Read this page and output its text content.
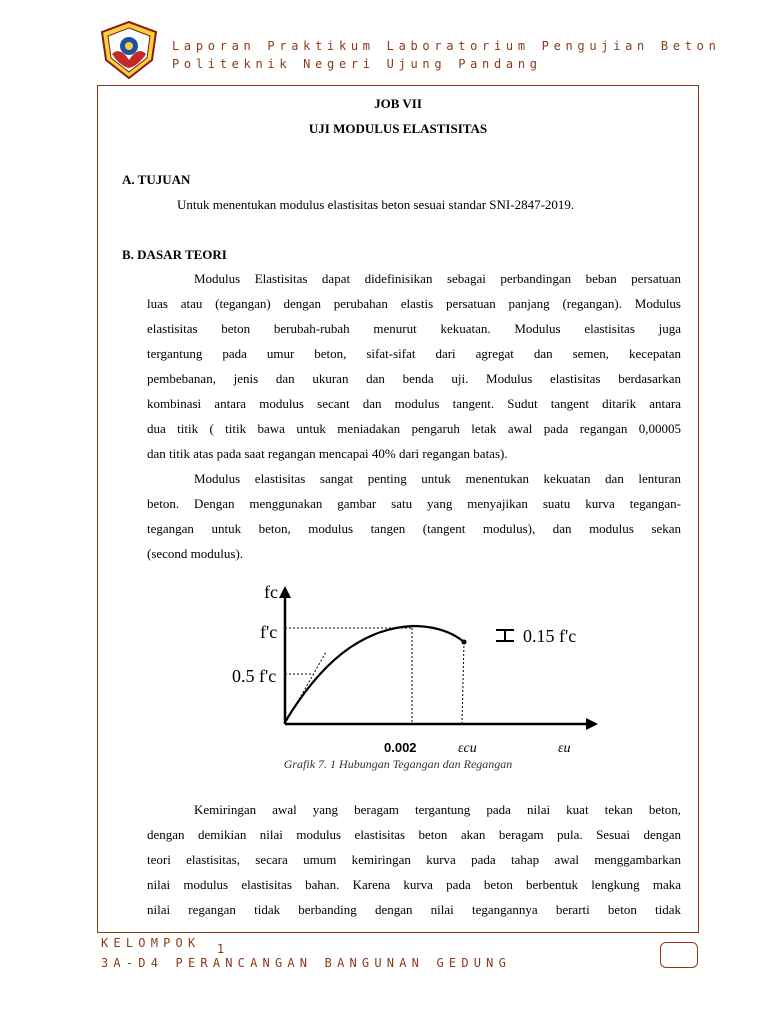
Laporan Praktikum Laboratorium Pengujian Beton
Politeknik Negeri Ujung Pandang
JOB VII
UJI MODULUS ELASTISITAS
A. TUJUAN
Untuk menentukan modulus elastisitas beton sesuai standar SNI-2847-2019.
B. DASAR TEORI

Modulus Elastisitas dapat didefinisikan sebagai perbandingan beban persatuan

luas atau (tegangan) dengan perubahan elastis persatuan panjang (regangan). Modulus

elastisitas beton berubah-rubah menurut kekuatan. Modulus elastisitas juga

tergantung pada umur beton, sifat-sifat dari agregat dan semen, kecepatan

pembebanan, jenis dan ukuran dan benda uji. Modulus elastisitas berdasarkan

kombinasi antara modulus secant dan modulus tangent. Sudut tangent ditarik antara

dua titik ( titik bawa untuk meniadakan pengaruh letak awal pada regangan 0,00005

dan titik atas pada saat regangan mencapai 40% dari regangan batas).

Modulus elastisitas sangat penting untuk menentukan kekuatan dan lenturan

beton. Dengan menggunakan gambar satu yang menyajikan suatu kurva tegangan-

tegangan untuk beton, modulus tangen (tangent modulus), dan modulus sekan

(second modulus).

fc
f'c
0.5 f'c
0.15 f'c
0.002	εcu	εu
Grafik 7. 1 Hubungan Tegangan dan Regangan

Kemiringan awal yang beragam tergantung pada nilai kuat tekan beton,

dengan demikian nilai modulus elastisitas beton akan beragam pula. Sesuai dengan

teori elastisitas, secara umum kemiringan kurva pada tahap awal menggambarkan

nilai modulus elastisitas bahan. Karena kurva pada beton berbentuk lengkung maka

nilai regangan tidak berbanding dengan nilai tegangannya berarti beton tidak

KELOMPOK 1
3A-D4 PERANCANGAN BANGUNAN GEDUNG
